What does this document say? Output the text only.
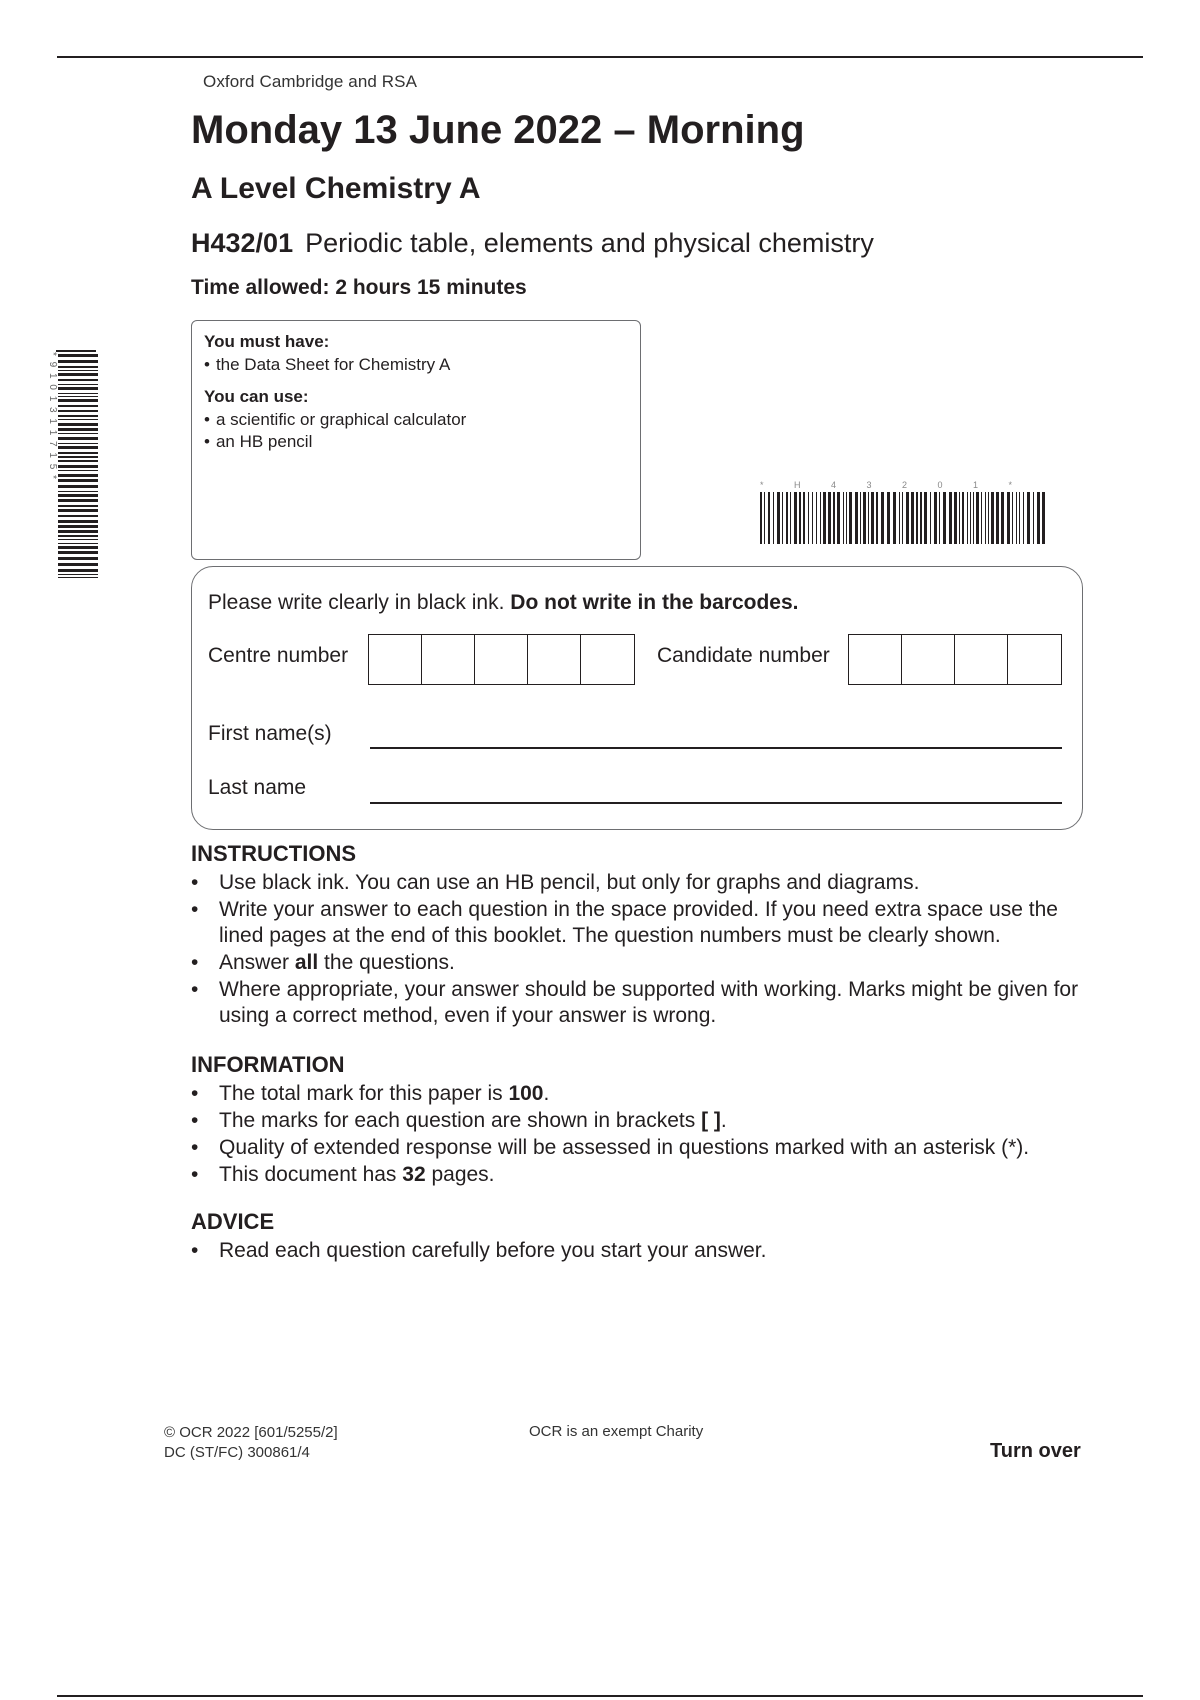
Oxford Cambridge and RSA
Monday 13 June 2022 – Morning
A Level Chemistry A
H432/01 Periodic table, elements and physical chemistry
Time allowed: 2 hours 15 minutes
* 9 1 0 1 3 1 1 7 1 5 *

You must have:

• the Data Sheet for Chemistry A

You can use:

• a scientific or graphical calculator
• an HB pencil
* H 4 3 2 0 1 *
Please write clearly in black ink. Do not write in the barcodes.
Centre number	Candidate number
First name(s)
Last name
INSTRUCTIONS
• Use black ink. You can use an HB pencil, but only for graphs and diagrams.
• Write your answer to each question in the space provided. If you need extra space use the lined pages at the end of this booklet. The question numbers must be clearly shown.
• Answer all the questions.
• Where appropriate, your answer should be supported with working. Marks might be given for using a correct method, even if your answer is wrong.
INFORMATION
• The total mark for this paper is 100.
• The marks for each question are shown in brackets [ ].
• Quality of extended response will be assessed in questions marked with an asterisk (*).
• This document has 32 pages.
ADVICE
• Read each question carefully before you start your answer.
© OCR 2022 [601/5255/2]
DC (ST/FC) 300861/4
OCR is an exempt Charity
Turn over
